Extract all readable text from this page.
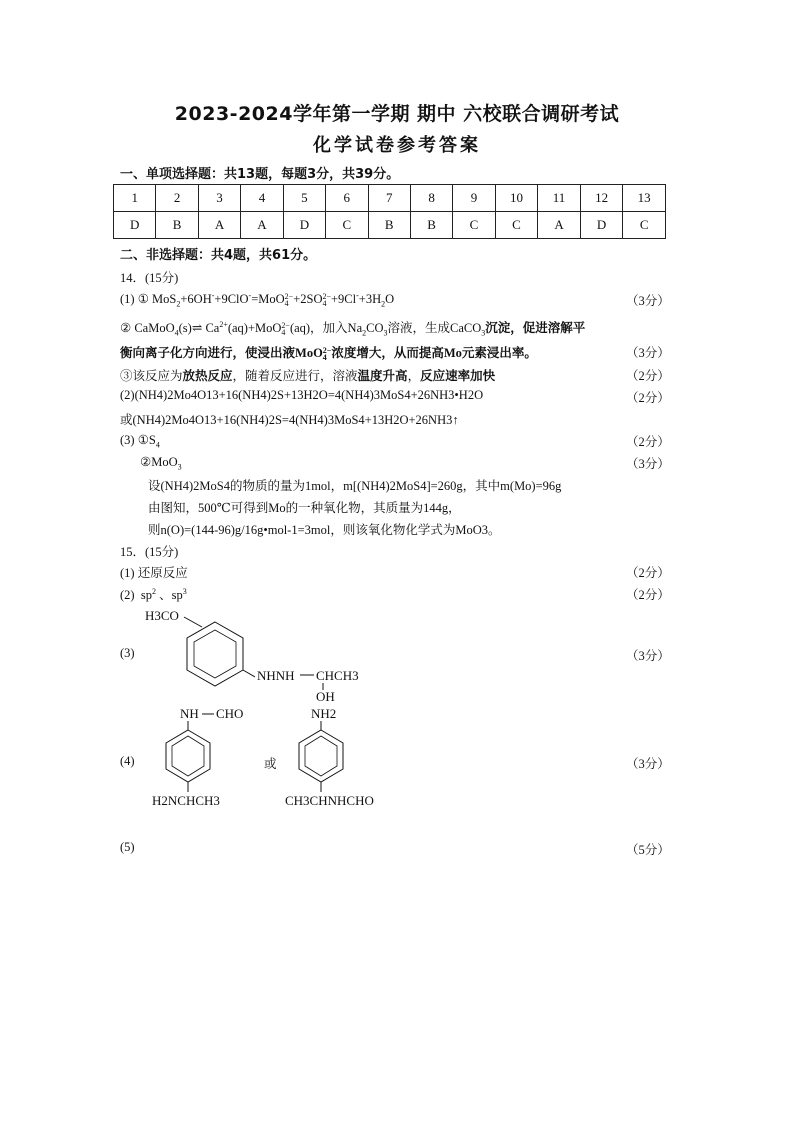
2023-2024学年第一学期 期中 六校联合调研考试
化学试卷参考答案
一、单项选择题：共13题，每题3分，共39分。
1	2	3	4	5	6	7	8	9	10	11	12	13
D	B	A	A	D	C	B	B	C	C	A	D	C
二、非选择题：共4题，共61分。
14．(15分)
(1) ① MoS$_2$+6OH-+9ClO-=MoO2−
4 +2SO2−
$4 +9Cl^-+3H_2O$	（3分）
② CaMoO$_4$(s)⇌ $Ca^{2+}(aq)+MoO2-$
4 (aq)，加入$Na_2CO_3$溶液，生成CaCO$_3$沉淀，促进溶解平
衡向离子化方向进行，使浸出液MoO2−
4 浓度增大，从而提高Mo元素浸出率。	（3分）
③该反应为放热反应，随着反应进行，溶液温度升高，反应速率加快	（2分）
(2)(NH4)2Mo4O13+16(NH4)2S+13H2O=4(NH4)3MoS4+26NH3•H2O	（2分）
或(NH4)2Mo4O13+16(NH4)2S=4(NH4)3MoS4+13H2O+26NH3↑
(3) $①S_4$	（2分）
②MoO$_3$	（3分）
设(NH4)2MoS4的物质的量为1mol，m[(NH4)2MoS4]=260g，其中m(Mo)=96g
由图知，500℃可得到Mo的一种氧化物，其质量为144g，
则n(O)=(144-96)g/16g•mol-1=3mol，则该氧化物化学式为MoO3。
15．(15分)
(1) 还原反应	（2分）
(2) $sp^2$ 、$sp^3$	（2分）
(3)	（3分）
H3CO
NHNH CHCH3
OH
(4)	（3分）
或
NH CHO
H2NCHCH3
NH2
CH3CHNHCHO
(5)	（5分）
